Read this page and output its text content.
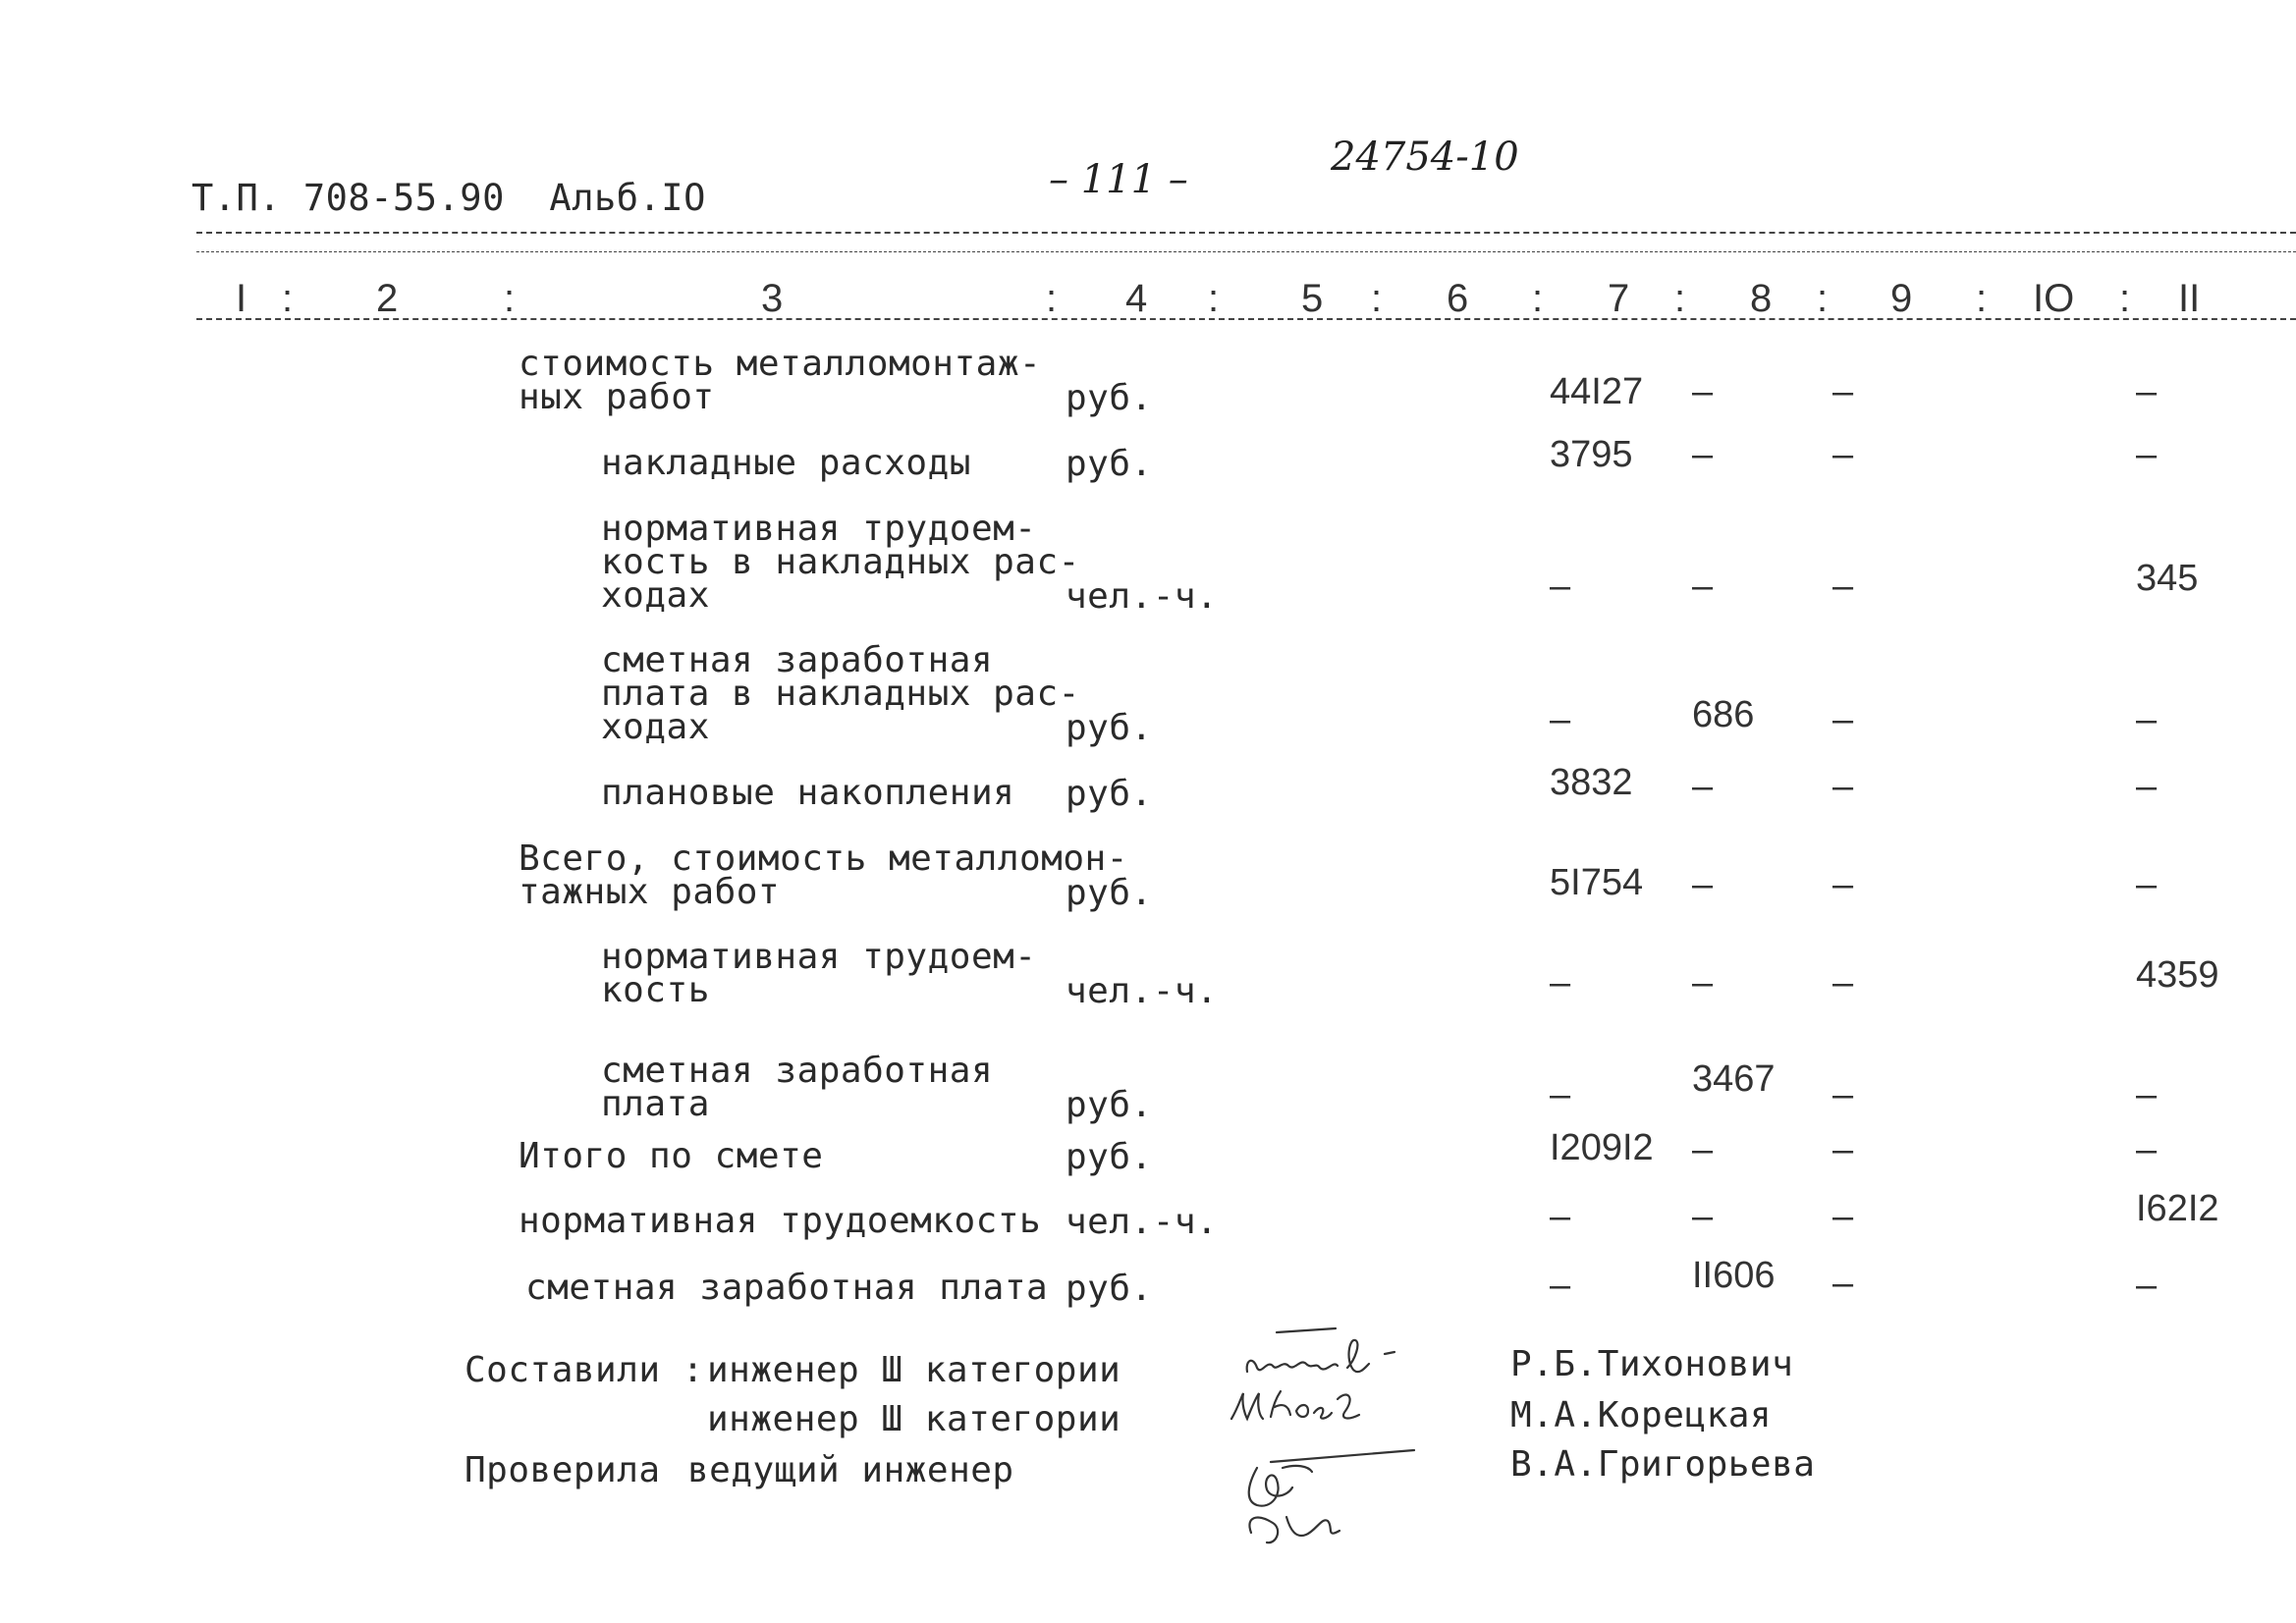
Т.П. 708-55.90  Альб.IO	– 111 –	24754-10
I : 2	:	3	: 4 : 5 : 6 : 7 : 8 : 9 : IO : II
стоимость металломонтаж-
ных работ	руб.	44I27 –	–	–
накладные расходы	руб.	3795 –	–	–
нормативная трудоем-
кость в накладных рас-
ходах	чел.-ч.	–	–	–	345
сметная заработная
плата в накладных рас-
ходах	руб.	–	686 –	–
плановые накопления руб.	3832 –	–	–
Всего, стоимость металломон-
тажных работ	руб.	5I754 –	–	–
нормативная трудоем-
кость	чел.-ч.	–	–	–	4359
сметная заработная
плата	руб.	–	3467 –	–
Итого по смете	руб.	I209I2 –	–	–
нормативная трудоемкость чел.-ч.	–	–	–	I62I2
сметная заработная плата руб.	–	II606 –	–
Составили : инженер Ш категории
инженер Ш категории
Проверила ведущий инженер
Р.Б.Тихонович
М.А.Корецкая
В.А.Григорьева
